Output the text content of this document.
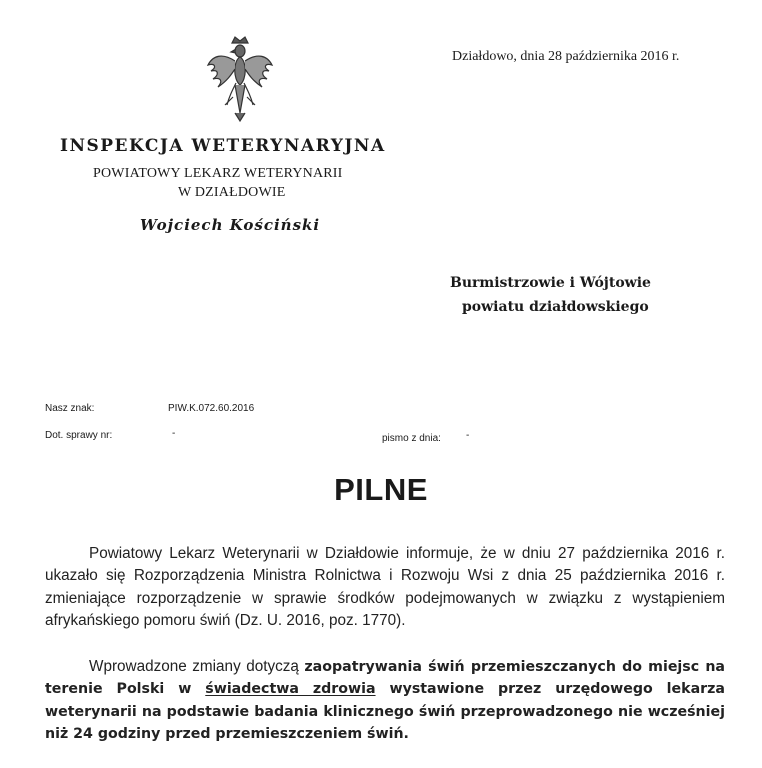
Działdowo, dnia 28 października 2016 r.
INSPEKCJA WETERYNARYJNA
POWIATOWY LEKARZ WETERYNARII
W DZIAŁDOWIE
Wojciech Kościński
Burmistrzowie i Wójtowie
powiatu działdowskiego
Nasz znak:	PIW.K.072.60.2016
Dot. sprawy nr:	-	pismo z dnia:	-
PILNE
Powiatowy Lekarz Weterynarii w Działdowie informuje, że w dniu 27 października 2016 r. ukazało się Rozporządzenia Ministra Rolnictwa i Rozwoju Wsi z dnia 25 października 2016 r. zmieniające rozporządzenie w sprawie środków podejmowanych w związku z wystąpieniem afrykańskiego pomoru świń (Dz. U. 2016, poz. 1770).
Wprowadzone zmiany dotyczą zaopatrywania świń przemieszczanych do miejsc na terenie Polski w świadectwa zdrowia wystawione przez urzędowego lekarza weterynarii na podstawie badania klinicznego świń przeprowadzonego nie wcześniej niż 24 godziny przed przemieszczeniem świń.
